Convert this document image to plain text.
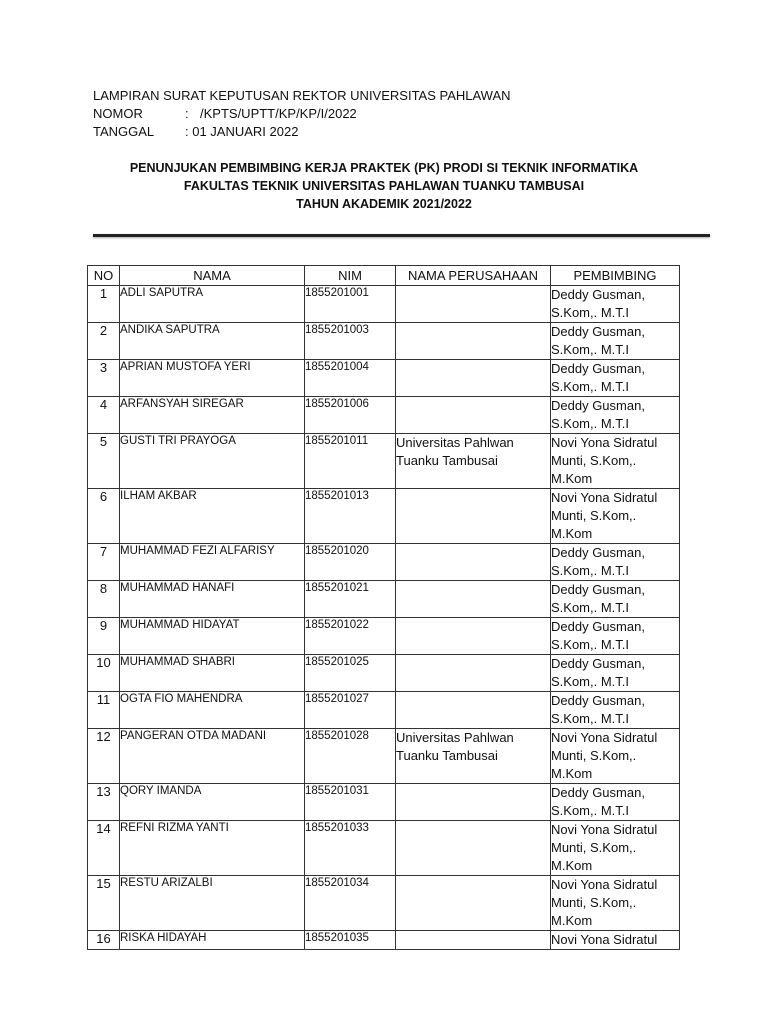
LAMPIRAN SURAT KEPUTUSAN REKTOR UNIVERSITAS PAHLAWAN
NOMOR	: /KPTS/UPTT/KP/KP/I/2022
TANGGAL	: 01 JANUARI 2022
PENUNJUKAN PEMBIMBING KERJA PRAKTEK (PK) PRODI SI TEKNIK INFORMATIKA
FAKULTAS TEKNIK UNIVERSITAS PAHLAWAN TUANKU TAMBUSAI
TAHUN AKADEMIK 2021/2022
NO	NAMA	NIM	NAMA PERUSAHAAN	PEMBIMBING
1	ADLI SAPUTRA	1855201001		Deddy Gusman,
S.Kom,. M.T.I
2	ANDIKA SAPUTRA	1855201003		Deddy Gusman,
S.Kom,. M.T.I
3	APRIAN MUSTOFA YERI	1855201004		Deddy Gusman,
S.Kom,. M.T.I
4	ARFANSYAH SIREGAR	1855201006		Deddy Gusman,
S.Kom,. M.T.I
5	GUSTI TRI PRAYOGA	1855201011	Universitas Pahlwan Tuanku Tambusai	Novi Yona Sidratul
Munti, S.Kom,.
M.Kom
6	ILHAM AKBAR	1855201013		Novi Yona Sidratul
Munti, S.Kom,.
M.Kom
7	MUHAMMAD FEZI ALFARISY	1855201020		Deddy Gusman,
S.Kom,. M.T.I
8	MUHAMMAD HANAFI	1855201021		Deddy Gusman,
S.Kom,. M.T.I
9	MUHAMMAD HIDAYAT	1855201022		Deddy Gusman,
S.Kom,. M.T.I
10	MUHAMMAD SHABRI	1855201025		Deddy Gusman,
S.Kom,. M.T.I
11	OGTA FIO MAHENDRA	1855201027		Deddy Gusman,
S.Kom,. M.T.I
12	PANGERAN OTDA MADANI	1855201028	Universitas Pahlwan Tuanku Tambusai	Novi Yona Sidratul
Munti, S.Kom,.
M.Kom
13	QORY IMANDA	1855201031		Deddy Gusman,
S.Kom,. M.T.I
14	REFNI RIZMA YANTI	1855201033		Novi Yona Sidratul
Munti, S.Kom,.
M.Kom
15	RESTU ARIZALBI	1855201034		Novi Yona Sidratul
Munti, S.Kom,.
M.Kom
16	RISKA HIDAYAH	1855201035		Novi Yona Sidratul
